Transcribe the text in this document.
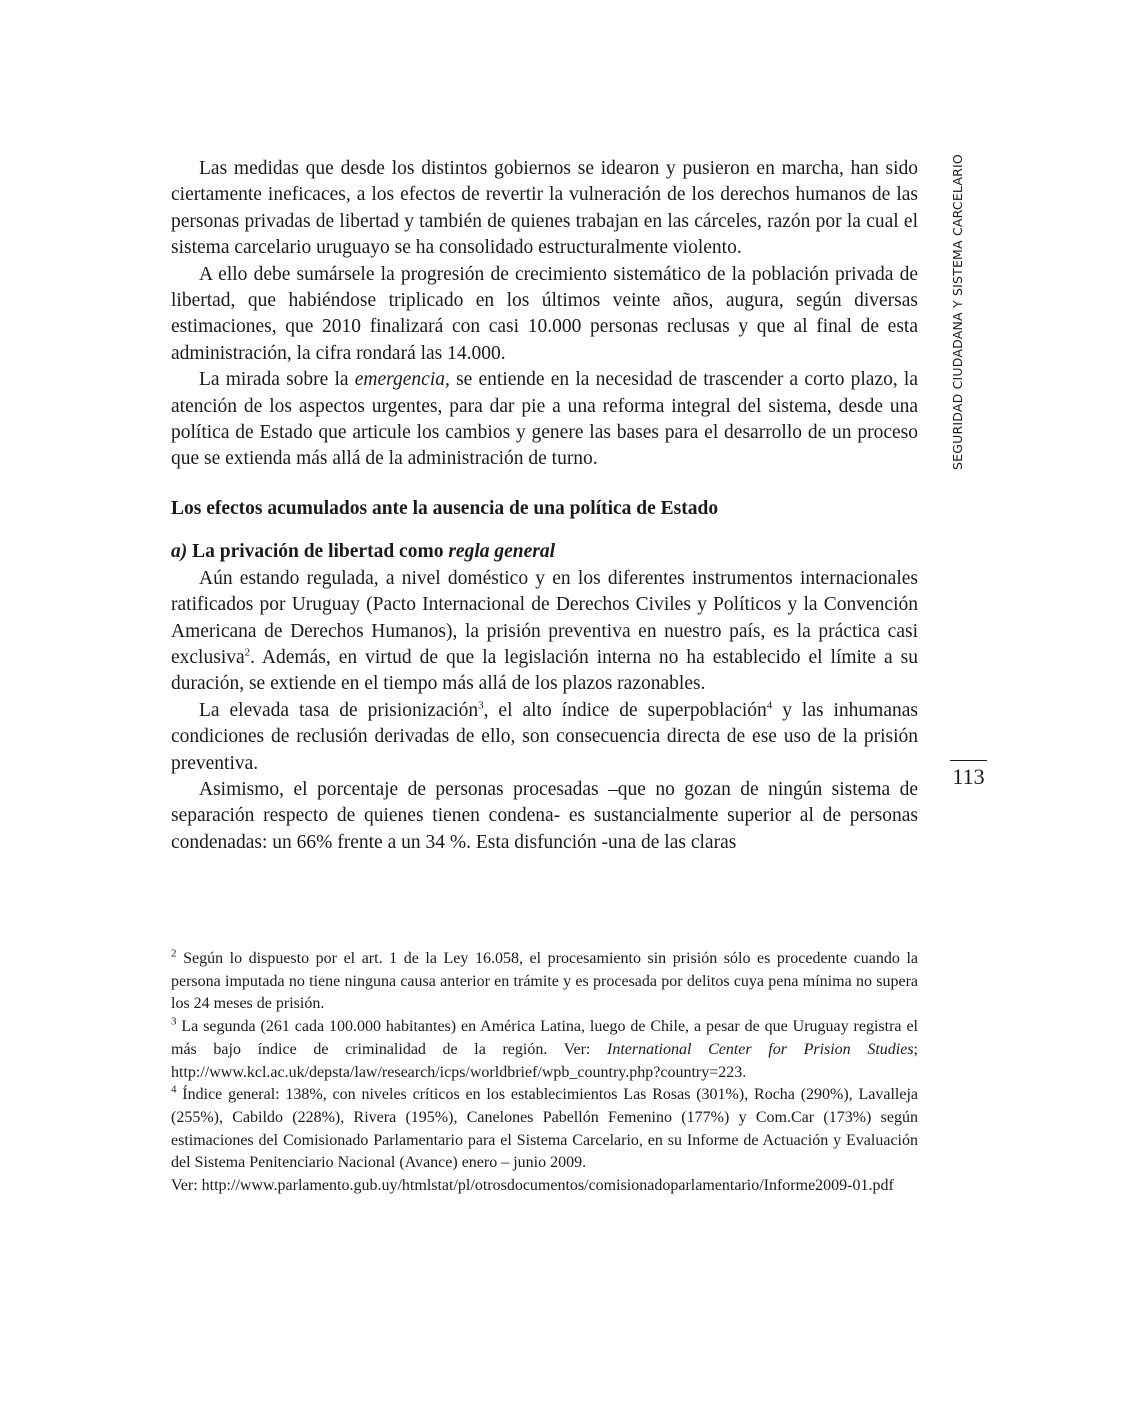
SEGURIDAD CIUDADANA Y SISTEMA CARCELARIO
113

Las medidas que desde los distintos gobiernos se idearon y pusieron en marcha, han sido ciertamente ineficaces, a los efectos de revertir la vulneración de los derechos humanos de las personas privadas de libertad y también de quienes trabajan en las cárceles, razón por la cual el sistema carcelario uruguayo se ha consolidado estructuralmente violento.

A ello debe sumársele la progresión de crecimiento sistemático de la población privada de libertad, que habiéndose triplicado en los últimos veinte años, augura, según diversas estimaciones, que 2010 finalizará con casi 10.000 personas reclusas y que al final de esta administración, la cifra rondará las 14.000.

La mirada sobre la emergencia, se entiende en la necesidad de trascender a corto plazo, la atención de los aspectos urgentes, para dar pie a una reforma integral del sistema, desde una política de Estado que articule los cambios y genere las bases para el desarrollo de un proceso que se extienda más allá de la administración de turno.

Los efectos acumulados ante la ausencia de una política de Estado
a) La privación de libertad como regla general

Aún estando regulada, a nivel doméstico y en los diferentes instrumentos internacionales ratificados por Uruguay (Pacto Internacional de Derechos Civiles y Políticos y la Convención Americana de Derechos Humanos), la prisión preventiva en nuestro país, es la práctica casi exclusiva$^2$. Además, en virtud de que la legislación interna no ha establecido el límite a su duración, se extiende en el tiempo más allá de los plazos razonables.

La elevada tasa de prisionización$^3$, el alto índice de superpoblación$^4$ y las inhumanas condiciones de reclusión derivadas de ello, son consecuencia directa de ese uso de la prisión preventiva.

Asimismo, el porcentaje de personas procesadas –que no gozan de ningún sistema de separación respecto de quienes tienen condena- es sustancialmente superior al de personas condenadas: un 66% frente a un 34 %. Esta disfunción -una de las claras

$^2$ Según lo dispuesto por el art. 1 de la Ley 16.058, el procesamiento sin prisión sólo es procedente cuando la persona imputada no tiene ninguna causa anterior en trámite y es procesada por delitos cuya pena mínima no supera los 24 meses de prisión.

$^3$ La segunda (261 cada 100.000 habitantes) en América Latina, luego de Chile, a pesar de que Uruguay registra el más bajo índice de criminalidad de la región. Ver: International Center for Prision Studies; http://www.kcl.ac.uk/depsta/law/research/icps/worldbrief/wpb_country.php?country=223.

$^4$ Índice general: 138%, con niveles críticos en los establecimientos Las Rosas (301%), Rocha (290%), Lavalleja (255%), Cabildo (228%), Rivera (195%), Canelones Pabellón Femenino (177%) y Com.Car (173%) según estimaciones del Comisionado Parlamentario para el Sistema Carcelario, en su Informe de Actuación y Evaluación del Sistema Penitenciario Nacional (Avance) enero – junio 2009.

Ver: http://www.parlamento.gub.uy/htmlstat/pl/otrosdocumentos/comisionadoparlamentario/Informe2009-01.pdf
